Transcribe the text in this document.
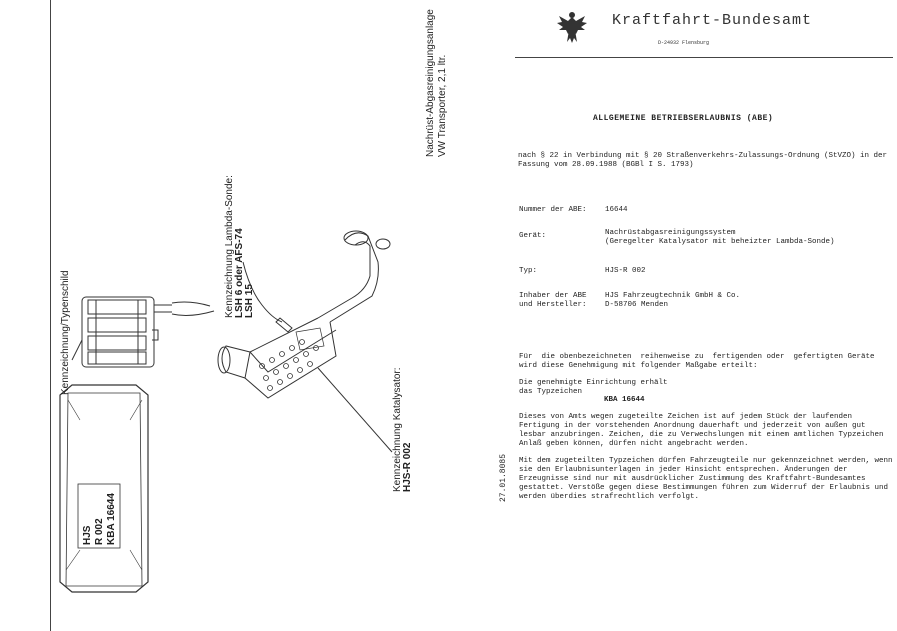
Kennzeichnung/Typenschild
Kennzeichnung Lambda-Sonde: LSH 6 oder AFS-74 LSH 15
Kennzeichnung Katalysator: HJS-R 002
Nachrüst-Abgasreinigungsanlage VW Transporter, 2,1 ltr.
HJS R 002 KBA 16644
27.01.8085
Kraftfahrt-Bundesamt
D-24932 Flensburg
ALLGEMEINE BETRIEBSERLAUBNIS (ABE)
nach § 22 in Verbindung mit § 20 Straßenverkehrs-Zulassungs-Ordnung (StVZO) in der Fassung vom 28.09.1988 (BGBl I S. 1793)
Nummer der ABE: 16644
Gerät:	Nachrüstabgasreinigungssystem
(Geregelter Katalysator mit beheizter Lambda-Sonde)
Typ:	HJS-R 002
Inhaber der ABE
und Hersteller:
HJS Fahrzeugtechnik GmbH & Co.
D-58706 Menden
Für  die obenbezeichneten  reihenweise zu  fertigenden oder  gefertigten Geräte
wird diese Genehmigung mit folgender Maßgabe erteilt:
Die genehmigte Einrichtung erhält
das Typzeichen
KBA 16644
Dieses von Amts wegen zugeteilte Zeichen ist auf jedem Stück der laufenden Fertigung in der vorstehenden Anordnung dauerhaft und jederzeit von außen gut lesbar anzubringen. Zeichen, die zu Verwechslungen mit einem amtlichen Typzeichen Anlaß geben können, dürfen nicht angebracht werden.
Mit dem zugeteilten Typzeichen dürfen Fahrzeugteile nur gekennzeichnet werden, wenn sie den Erlaubnisunterlagen in jeder Hinsicht entsprechen. Änderungen der Erzeugnisse sind nur mit ausdrücklicher Zustimmung des Kraftfahrt-Bundesamtes gestattet. Verstöße gegen diese Bestimmungen führen zum Widerruf der Erlaubnis und werden überdies strafrechtlich verfolgt.
